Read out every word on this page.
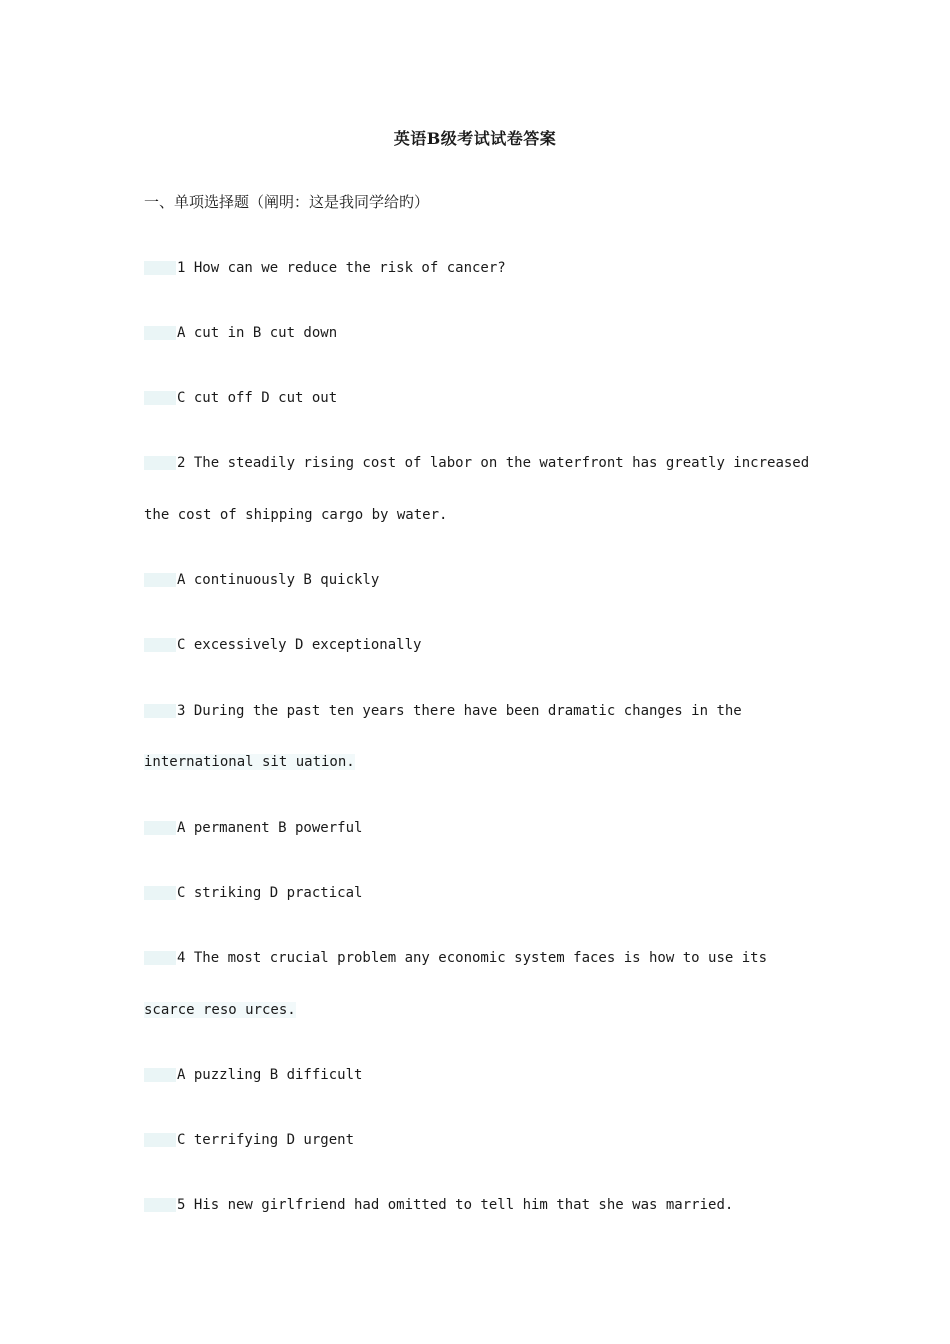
英语B级考试试卷答案
一、单项选择题（阐明：这是我同学给旳）
1 How can we reduce the risk of cancer?
A cut in B cut down
C cut off D cut out
2 The steadily rising cost of labor on the waterfront has greatly increased
the cost of shipping cargo by water.
A continuously B quickly
C excessively D exceptionally
3 During the past ten years there have been dramatic changes in the
international sit uation.
A permanent B powerful
C striking D practical
4 The most crucial problem any economic system faces is how to use its
scarce reso urces.
A puzzling B difficult
C terrifying D urgent
5 His new girlfriend had omitted to tell him that she was married.
